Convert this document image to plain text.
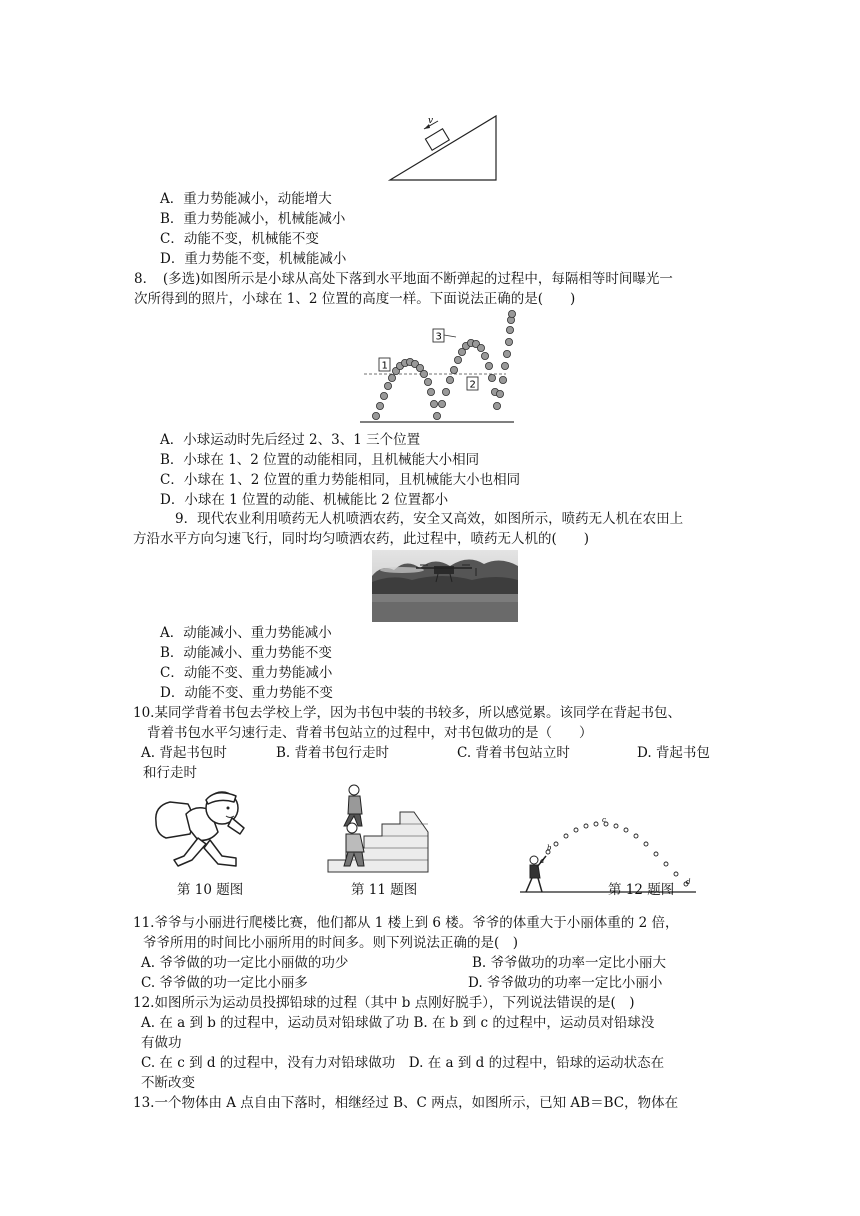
v
A．重力势能减小，动能增大
B．重力势能减小，机械能减小
C．动能不变，机械能不变
D．重力势能不变，机械能减小
8．　(多选)如图所示是小球从高处下落到水平地面不断弹起的过程中，每隔相等时间曝光一
次所得到的照片，小球在 1、2 位置的高度一样。下面说法正确的是(　　)
1
2
3
A．小球运动时先后经过 2、3、1 三个位置
B．小球在 1、2 位置的动能相同，且机械能大小相同
C．小球在 1、2 位置的重力势能相同，且机械能大小也相同
D．小球在 1 位置的动能、机械能比 2 位置都小
9．现代农业利用喷药无人机喷洒农药，安全又高效，如图所示，喷药无人机在农田上
方沿水平方向匀速飞行，同时均匀喷洒农药，此过程中，喷药无人机的(　　)
A．动能减小、重力势能减小
B．动能减小、重力势能不变
C．动能不变、重力势能减小
D．动能不变、重力势能不变
10.某同学背着书包去学校上学，因为书包中装的书较多，所以感觉累。该同学在背起书包、
背着书包水平匀速行走、背着书包站立的过程中，对书包做功的是（　　）
A. 背起书包时	B. 背着书包行走时	C. 背着书包站立时	D. 背起书包
和行走时
a
b
c
d
第 10 题图	第 11 题图	第 12 题图
11.爷爷与小丽进行爬楼比赛，他们都从 1 楼上到 6 楼。爷爷的体重大于小丽体重的 2 倍，
爷爷所用的时间比小丽所用的时间多。则下列说法正确的是(　)
A. 爷爷做的功一定比小丽做的功少	B. 爷爷做功的功率一定比小丽大
C. 爷爷做的功一定比小丽多	D. 爷爷做功的功率一定比小丽小
12.如图所示为运动员投掷铅球的过程（其中 b 点刚好脱手），下列说法错误的是(　)
A. 在 a 到 b 的过程中，运动员对铅球做了功 B. 在 b 到 c 的过程中，运动员对铅球没
有做功
C. 在 c 到 d 的过程中，没有力对铅球做功　D. 在 a 到 d 的过程中，铅球的运动状态在
不断改变
13.一个物体由 A 点自由下落时，相继经过 B、C 两点，如图所示，已知 AB＝BC，物体在
